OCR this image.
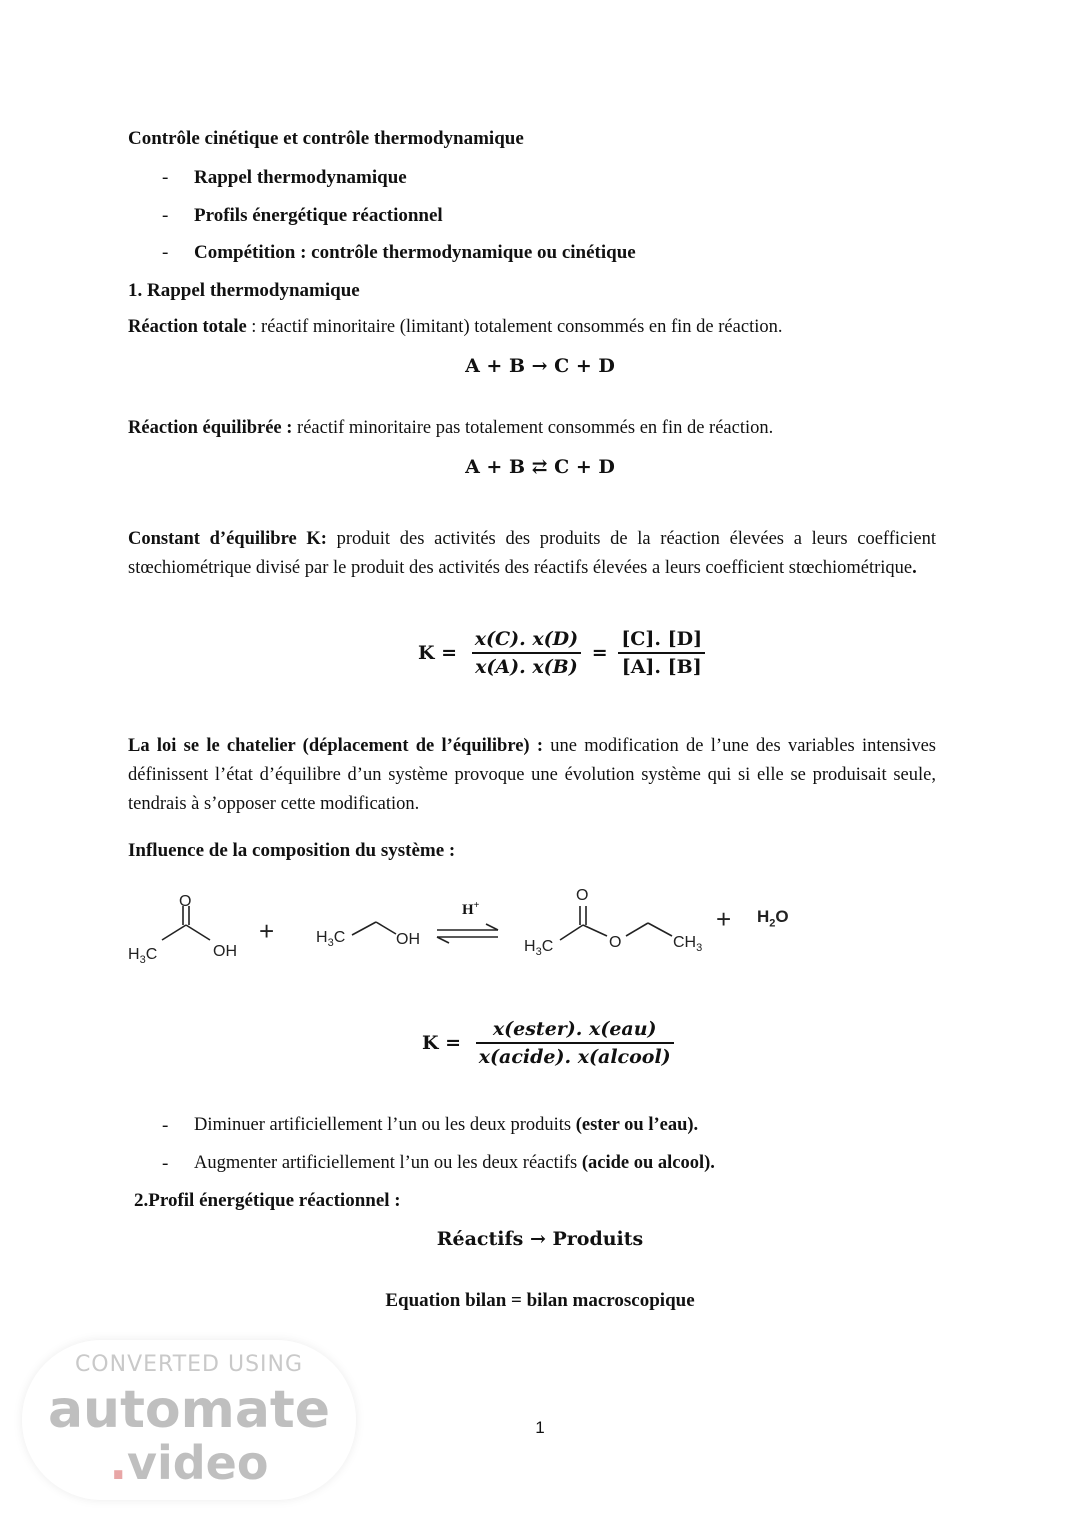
Contrôle cinétique et contrôle thermodynamique
- Rappel thermodynamique
- Profils énergétique réactionnel
- Compétition : contrôle thermodynamique ou cinétique
1. Rappel thermodynamique
Réaction totale : réactif minoritaire (limitant) totalement consommés en fin de réaction.
A + B → C + D
Réaction équilibrée : réactif minoritaire pas totalement consommés en fin de réaction.
A + B ⇄ C + D
Constant d’équilibre K: produit des activités des produits de la réaction élevées a leurs coefficient stœchiométrique divisé par le produit des activités des réactifs élevées a leurs coefficient stœchiométrique.
$K = \frac{x(C). x(D)}{x(A). x(B)} = \frac{[C]. [D]}{[A]. [B]}$
La loi se le chatelier (déplacement de l’équilibre) : une modification de l’une des variables intensives définissent l’état d’équilibre d’un système provoque une évolution système qui si elle se produisait seule, tendrais à s’opposer cette modification.
Influence de la composition du système :
O
$H_3C$	OH
+	$H_3C$	OH
H+
O
$H_3C$	O	$CH_3$
+ $H_2O$
$K = \frac{\text{x(ester). x(eau)}}{\text{x(acide). x(alcool)}}$
- Diminuer artificiellement l’un ou les deux produits (ester ou l’eau).
- Augmenter artificiellement l’un ou les deux réactifs (acide ou alcool).
2.Profil énergétique réactionnel :
Réactifs → Produits
Equation bilan = bilan macroscopique
1
CONVERTED USING
automate
.video
